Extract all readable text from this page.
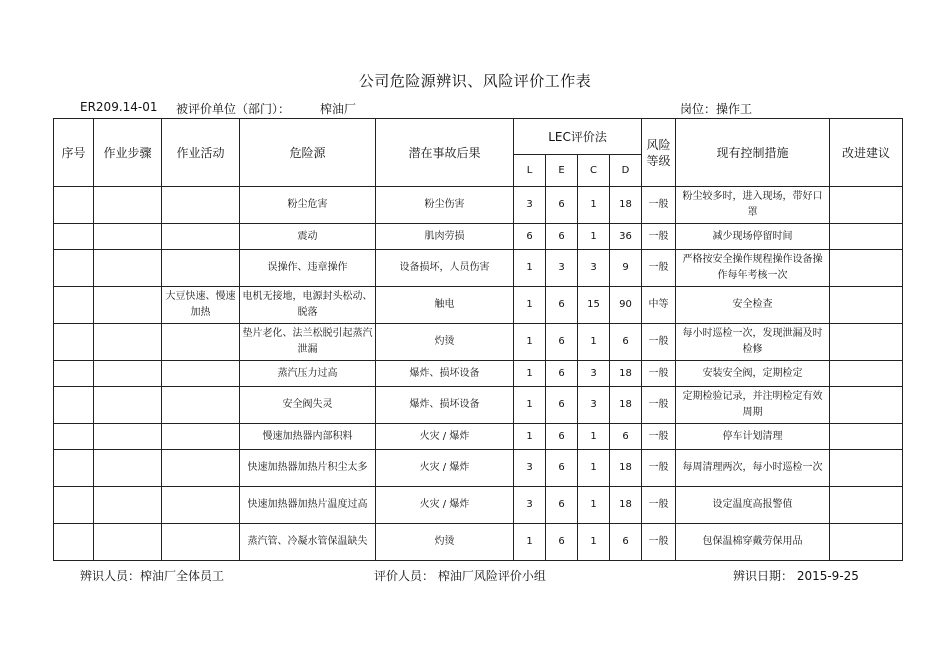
公司危险源辨识、风险评价工作表
ER209.14-01 被评价单位（部门）： 榨油厂	岗位：操作工
序号	作业步骤	作业活动	危险源	潜在事故后果	LEC评价法				风险等级	现有控制措施	改进建议
					L	E	C	D			
			粉尘危害	粉尘伤害	3	6	1	18	一般	粉尘较多时，进入现场，带好口罩	
			震动	肌肉劳损	6	6	1	36	一般	减少现场停留时间	
			误操作、违章操作	设备损坏，人员伤害	1	3	3	9	一般	严格按安全操作规程操作设备操作每年考核一次	
		大豆快速、慢速加热	电机无接地，电源封头松动、脱落	触电	1	6	15	90	中等	安全检查	
			垫片老化、法兰松脱引起蒸汽泄漏	灼烫	1	6	1	6	一般	每小时巡检一次，发现泄漏及时检修	
			蒸汽压力过高	爆炸、损坏设备	1	6	3	18	一般	安装安全阀，定期检定	
			安全阀失灵	爆炸、损坏设备	1	6	3	18	一般	定期检验记录，并注明检定有效周期	
			慢速加热器内部积料	火灾 / 爆炸	1	6	1	6	一般	停车计划清理	
			快速加热器加热片积尘太多	火灾 / 爆炸	3	6	1	18	一般	每周清理两次，每小时巡检一次	
			快速加热器加热片温度过高	火灾 / 爆炸	3	6	1	18	一般	设定温度高报警值	
			蒸汽管、冷凝水管保温缺失	灼烫	1	6	1	6	一般	包保温棉穿戴劳保用品	
辨识人员：榨油厂全体员工	评价人员： 榨油厂风险评价小组	辨识日期： 2015-9-25
